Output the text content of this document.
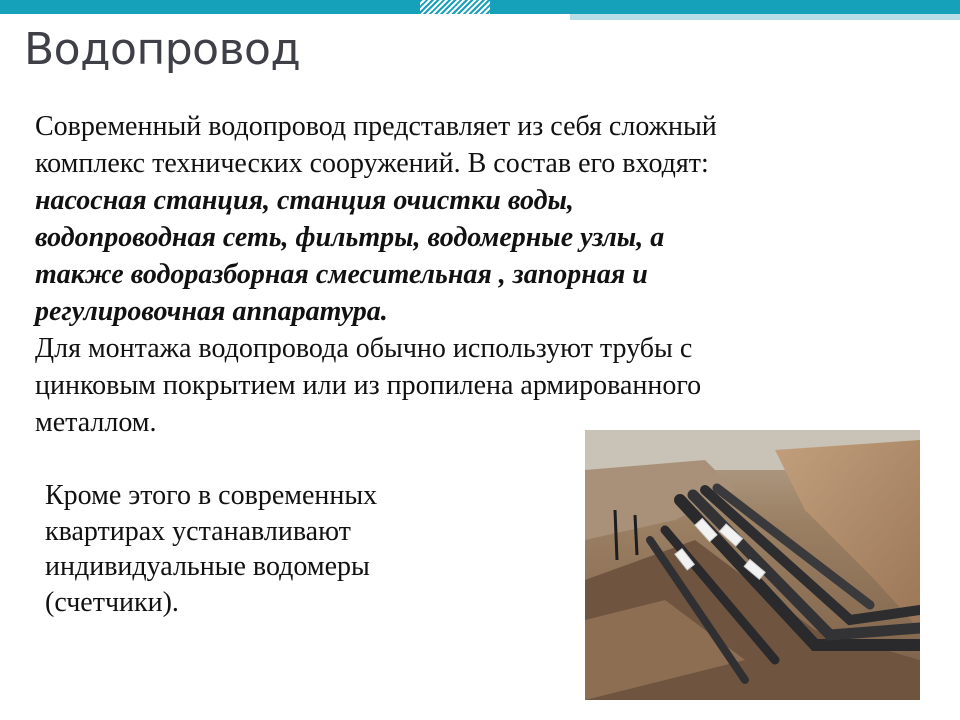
Водопровод

Современный водопровод представляет из себя сложный
комплекс технических сооружений. В состав его входят:
насосная станция, станция очистки воды,
водопроводная сеть, фильтры, водомерные узлы, а
также водоразборная смесительная , запорная и
регулировочная аппаратура.
Для монтажа водопровода обычно используют трубы с
цинковым покрытием или из пропилена армированного
металлом.

Кроме этого в современных
квартирах устанавливают
индивидуальные водомеры
(счетчики).
